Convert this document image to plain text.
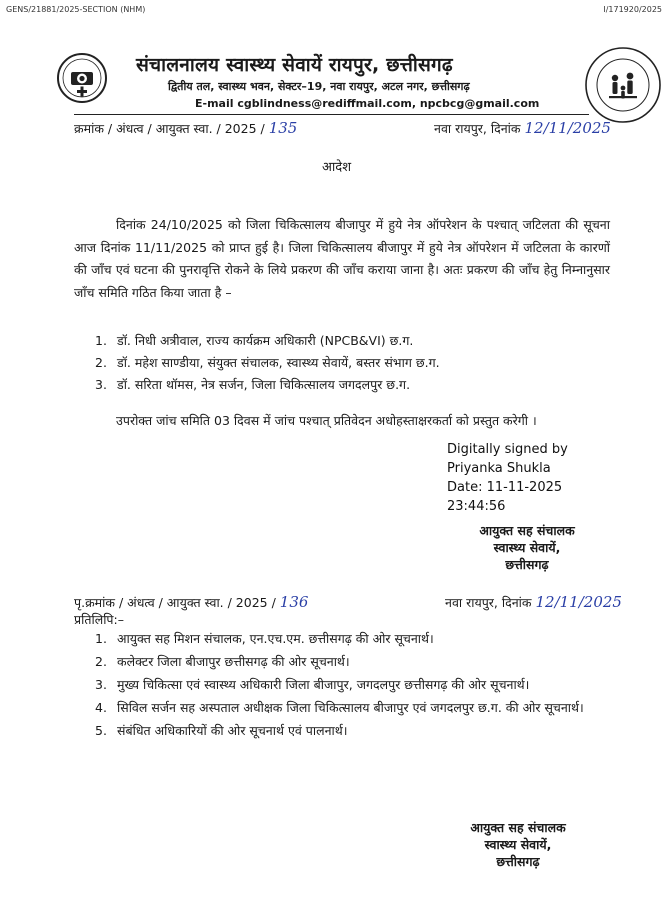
GENS/21881/2025-SECTION (NHM)	I/171920/2025
संचालनालय स्वास्थ्य सेवायें रायपुर, छत्तीसगढ़
द्वितीय तल, स्वास्थ्य भवन, सेक्टर–19, नवा रायपुर, अटल नगर, छत्तीसगढ़
E-mail cgblindness@rediffmail.com, npcbcg@gmail.com
क्रमांक / अंधत्व / आयुक्त स्वा. / 2025 / 135	नवा रायपुर, दिनांक 12/11/2025
आदेश
दिनांक 24/10/2025 को जिला चिकित्सालय बीजापुर में हुये नेत्र ऑपरेशन के पश्चात् जटिलता की सूचना आज दिनांक 11/11/2025 को प्राप्त हुई है। जिला चिकित्सालय बीजापुर में हुये नेत्र ऑपरेशन में जटिलता के कारणों की जाँच एवं घटना की पुनरावृत्ति रोकने के लिये प्रकरण की जाँच कराया जाना है। अतः प्रकरण की जाँच हेतु निम्नानुसार जाँच समिति गठित किया जाता है –
1. डॉ. निधी अत्रीवाल, राज्य कार्यक्रम अधिकारी (NPCB&VI) छ.ग.
2. डॉ. महेश साण्डीया, संयुक्त संचालक, स्वास्थ्य सेवायें, बस्तर संभाग छ.ग.
3. डॉ. सरिता थॉमस, नेत्र सर्जन, जिला चिकित्सालय जगदलपुर छ.ग.
उपरोक्त जांच समिति 03 दिवस में जांच पश्चात् प्रतिवेदन अधोहस्ताक्षरकर्ता को प्रस्तुत करेगी ।
Digitally signed by
Priyanka Shukla
Date: 11-11-2025
23:44:56
आयुक्त सह संचालक
स्वास्थ्य सेवायें,
छत्तीसगढ़
पृ.क्रमांक / अंधत्व / आयुक्त स्वा. / 2025 / 136	नवा रायपुर, दिनांक 12/11/2025
प्रतिलिपि:–
1. आयुक्त सह मिशन संचालक, एन.एच.एम. छत्तीसगढ़ की ओर सूचनार्थ।
2. कलेक्टर जिला बीजापुर छत्तीसगढ़ की ओर सूचनार्थ।
3. मुख्य चिकित्सा एवं स्वास्थ्य अधिकारी जिला बीजापुर, जगदलपुर छत्तीसगढ़ की ओर सूचनार्थ।
4. सिविल सर्जन सह अस्पताल अधीक्षक जिला चिकित्सालय बीजापुर एवं जगदलपुर छ.ग. की ओर सूचनार्थ।
5. संबंधित अधिकारियों की ओर सूचनार्थ एवं पालनार्थ।
आयुक्त सह संचालक
स्वास्थ्य सेवायें,
छत्तीसगढ़
